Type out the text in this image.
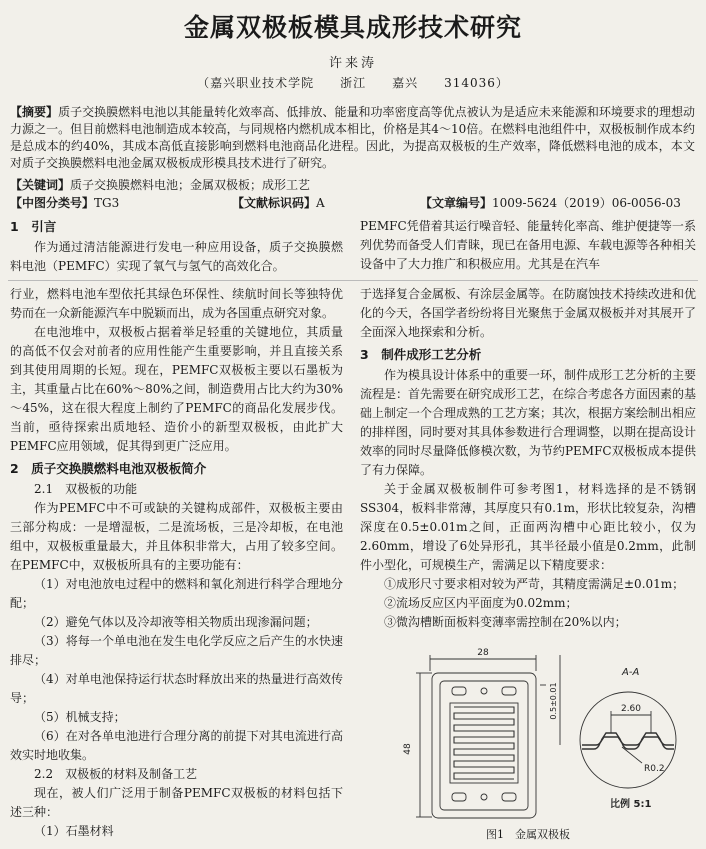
金属双极板模具成形技术研究
许来涛
（嘉兴职业技术学院　　浙江　　嘉兴　　314036）
【摘要】质子交换膜燃料电池以其能量转化效率高、低排放、能量和功率密度高等优点被认为是适应未来能源和环境要求的理想动力源之一。但目前燃料电池制造成本较高，与同规格内燃机成本相比，价格是其4～10倍。在燃料电池组件中，双极板制作成本约是总成本的约40%，其成本高低直接影响到燃料电池商品化进程。因此，为提高双极板的生产效率，降低燃料电池的成本，本文对质子交换膜燃料电池金属双极板成形模具技术进行了研究。
【关键词】质子交换膜燃料电池；金属双极板；成形工艺
【中图分类号】TG3	【文献标识码】A	【文章编号】1009-5624（2019）06-0056-03

1　引言

作为通过清洁能源进行发电一种应用设备，质子交换膜燃料电池（PEMFC）实现了氧气与氢气的高效化合。

PEMFC凭借着其运行噪音轻、能量转化率高、维护便捷等一系列优势而备受人们青睐，现已在备用电源、车载电源等各种相关设备中了大力推广和积极应用。尤其是在汽车

行业，燃料电池车型依托其绿色环保性、续航时间长等独特优势而在一众新能源汽车中脱颖而出，成为各国重点研究对象。

在电池堆中，双极板占据着举足轻重的关键地位，其质量的高低不仅会对前者的应用性能产生重要影响，并且直接关系到其使用周期的长短。现在，PEMFC双极板主要以石墨板为主，其重量占比在60%～80%之间，制造费用占比大约为30%～45%，这在很大程度上制约了PEMFC的商品化发展步伐。当前，亟待探索出质地轻、造价小的新型双极板，由此扩大PEMFC应用领域，促其得到更广泛应用。

2　质子交换膜燃料电池双极板简介

2.1　双极板的功能

作为PEMFC中不可或缺的关键构成部件，双极板主要由三部分构成：一是增湿板，二是流场板，三是冷却板，在电池组中，双极板重量最大，并且体积非常大，占用了较多空间。在PEMFC中，双极板所具有的主要功能有：

（1）对电池放电过程中的燃料和氧化剂进行科学合理地分配；

（2）避免气体以及冷却液等相关物质出现渗漏问题；

（3）将每一个单电池在发生电化学反应之后产生的水快速排尽；

（4）对单电池保持运行状态时释放出来的热量进行高效传导；

（5）机械支持；

（6）在对各单电池进行合理分离的前提下对其电流进行高效实时地收集。

2.2　双极板的材料及制备工艺

现在，被人们广泛用于制备PEMFC双极板的材料包括下述三种：

（1）石墨材料

于选择复合金属板、有涂层金属等。在防腐蚀技术持续改进和优化的今天，各国学者纷纷将目光聚焦于金属双极板并对其展开了全面深入地探索和分析。

3　制件成形工艺分析

作为模具设计体系中的重要一环，制件成形工艺分析的主要流程是：首先需要在研究成形工艺，在综合考虑各方面因素的基础上制定一个合理成熟的工艺方案；其次，根据方案绘制出相应的排样图，同时要对其具体参数进行合理调整，以期在提高设计效率的同时尽量降低修模次数，为节约PEMFC双极板成本提供了有力保障。

关于金属双极板制件可参考图1，材料选择的是不锈钢SS304，板料非常薄，其厚度只有0.1m，形状比较复杂，沟槽深度在0.5±0.01m之间，正面两沟槽中心距比较小，仅为2.60mm，增设了6处异形孔，其半径最小值是0.2mm，此制件小型化，可规模生产，需满足以下精度要求：

①成形尺寸要求相对较为严苛，其精度需满足±0.01m；

②流场反应区内平面度为0.02mm；

③微沟槽断面板料变薄率需控制在20%以内；

28
48
0.5±0.01
A-A
2.60
R0.2
比例 5:1
图1　金属双极板
